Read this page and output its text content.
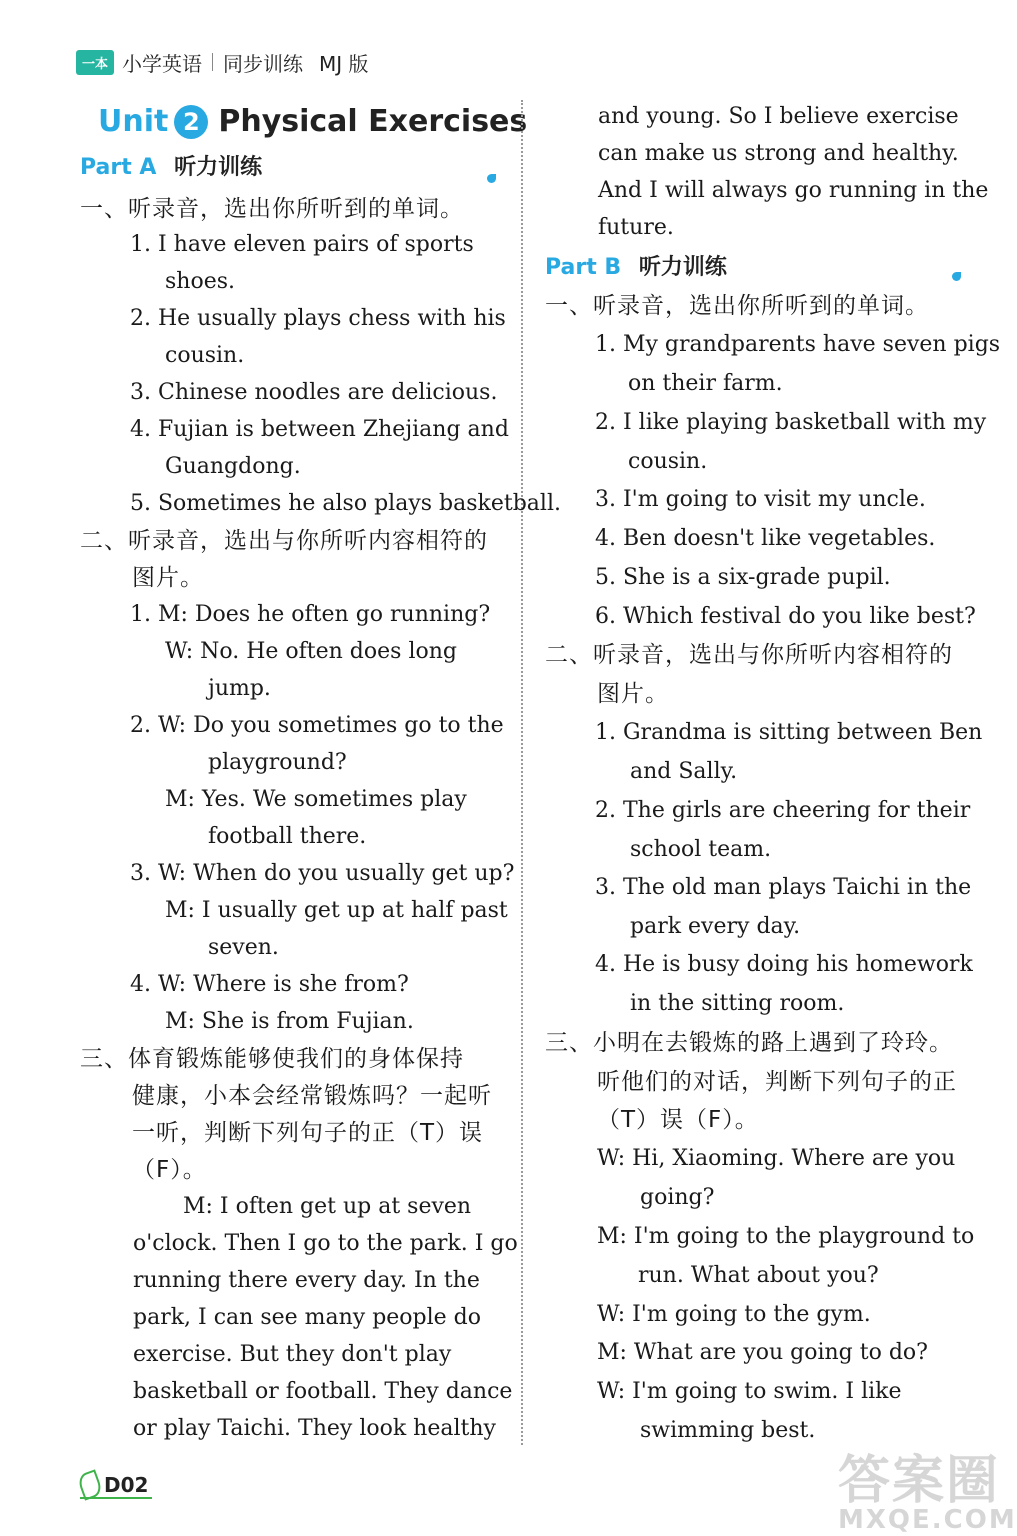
一本 小学英语 同步训练 MJ 版
Unit 2 Physical Exercises
Part A 听力训练
Part B 听力训练
一、听录音，选出你所听到的单词。
1. I have eleven pairs of sports
shoes.
2. He usually plays chess with his
cousin.
3. Chinese noodles are delicious.
4. Fujian is between Zhejiang and
Guangdong.
5. Sometimes he also plays basketball.
二、听录音，选出与你所听内容相符的
图片。
1. M: Does he often go running?
W: No. He often does long
jump.
2. W: Do you sometimes go to the
playground?
M: Yes. We sometimes play
football there.
3. W: When do you usually get up?
M: I usually get up at half past
seven.
4. W: Where is she from?
M: She is from Fujian.
三、体育锻炼能够使我们的身体保持
健康，小本会经常锻炼吗？一起听
一听，判断下列句子的正（T）误
（F）。
M: I often get up at seven
o'clock. Then I go to the park. I go
running there every day. In the
park, I can see many people do
exercise. But they don't play
basketball or football. They dance
or play Taichi. They look healthy
and young. So I believe exercise
can make us strong and healthy.
And I will always go running in the
future.
一、听录音，选出你所听到的单词。
1. My grandparents have seven pigs
on their farm.
2. I like playing basketball with my
cousin.
3. I'm going to visit my uncle.
4. Ben doesn't like vegetables.
5. She is a six-grade pupil.
6. Which festival do you like best?
二、听录音，选出与你所听内容相符的
图片。
1. Grandma is sitting between Ben
and Sally.
2. The girls are cheering for their
school team.
3. The old man plays Taichi in the
park every day.
4. He is busy doing his homework
in the sitting room.
三、小明在去锻炼的路上遇到了玲玲。
听他们的对话，判断下列句子的正
（T）误（F）。
W: Hi, Xiaoming. Where are you
going?
M: I'm going to the playground to
run. What about you?
W: I'm going to the gym.
M: What are you going to do?
W: I'm going to swim. I like
swimming best.
D02	答案圈
MXQE.COM
